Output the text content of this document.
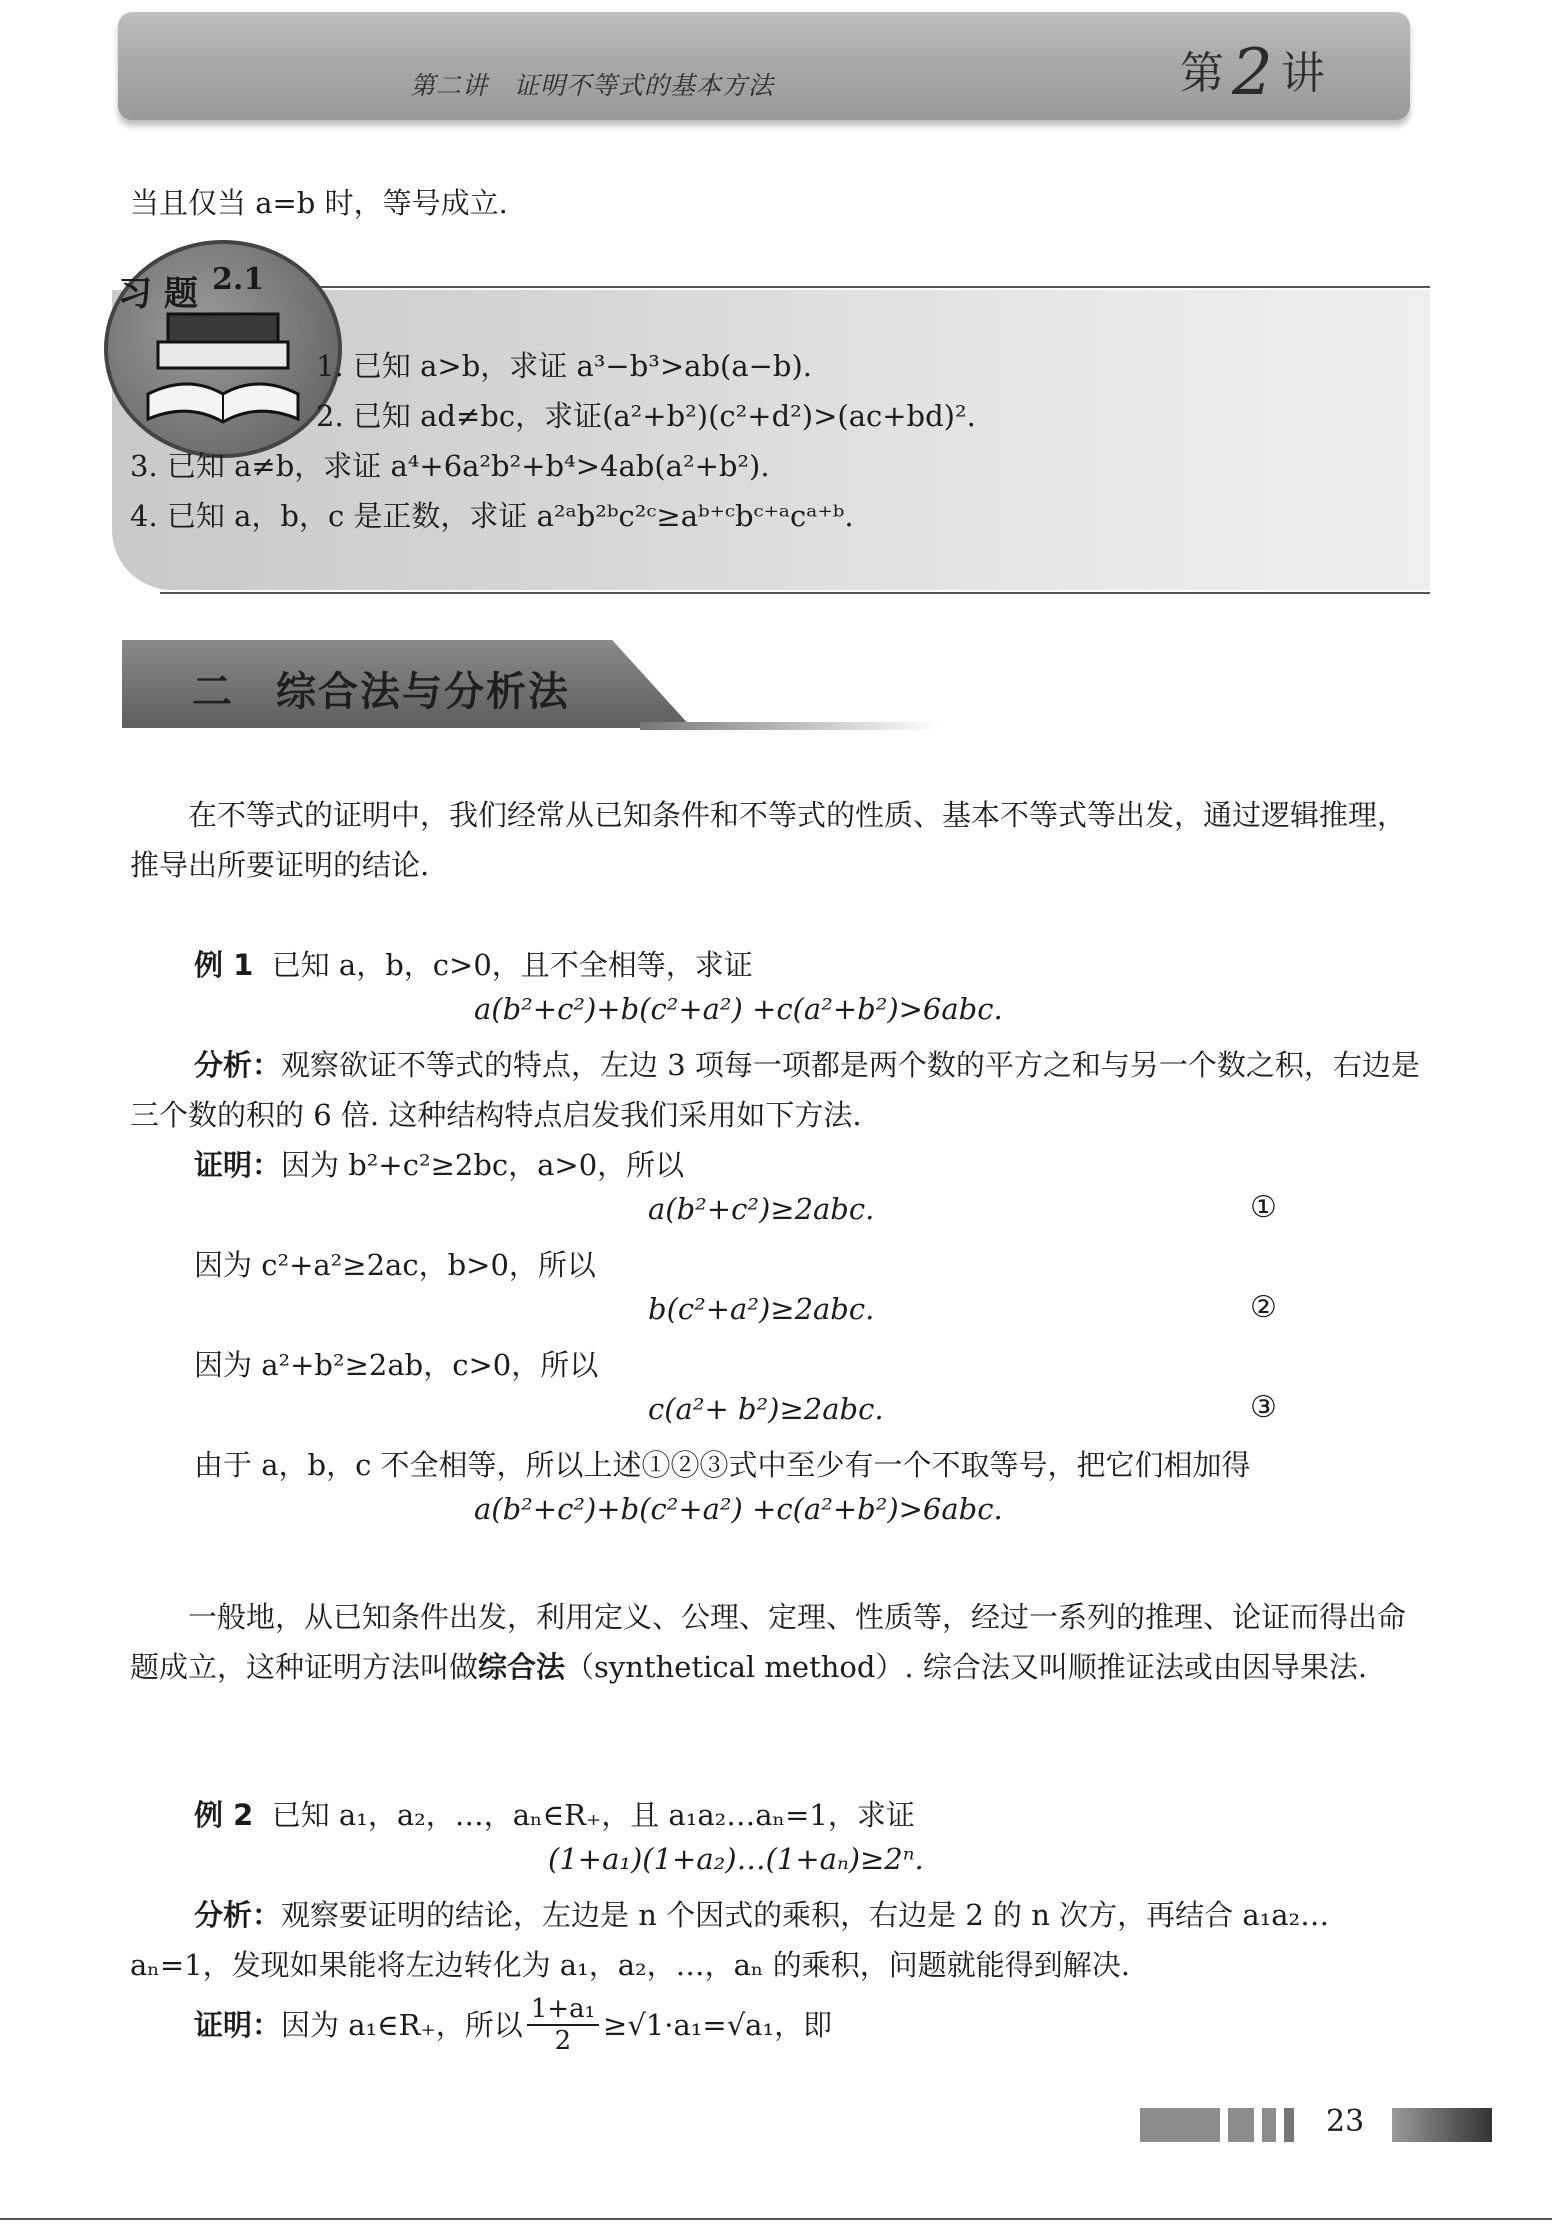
第二讲　证明不等式的基本方法	第2讲
当且仅当 a=b 时，等号成立.
习 题 2.1
1. 已知 a>b，求证 a³−b³>ab(a−b).
2. 已知 ad≠bc，求证(a²+b²)(c²+d²)>(ac+bd)².
3. 已知 a≠b，求证 a⁴+6a²b²+b⁴>4ab(a²+b²).
4. 已知 a，b，c 是正数，求证 a²ᵃb²ᵇc²ᶜ≥aᵇ⁺ᶜbᶜ⁺ᵃcᵃ⁺ᵇ.
二　综合法与分析法
在不等式的证明中，我们经常从已知条件和不等式的性质、基本不等式等出发，通过逻辑推理，推导出所要证明的结论.
例 1 已知 a，b，c>0，且不全相等，求证
a(b²+c²)+b(c²+a²) +c(a²+b²)>6abc.
分析：观察欲证不等式的特点，左边 3 项每一项都是两个数的平方之和与另一个数之积，右边是三个数的积的 6 倍. 这种结构特点启发我们采用如下方法.
证明：因为 b²+c²≥2bc，a>0，所以
a(b²+c²)≥2abc.	①
因为 c²+a²≥2ac，b>0，所以
b(c²+a²)≥2abc.	②
因为 a²+b²≥2ab，c>0，所以
c(a²+ b²)≥2abc.	③
由于 a，b，c 不全相等，所以上述①②③式中至少有一个不取等号，把它们相加得
a(b²+c²)+b(c²+a²) +c(a²+b²)>6abc.
一般地，从已知条件出发，利用定义、公理、定理、性质等，经过一系列的推理、论证而得出命题成立，这种证明方法叫做综合法（synthetical method）. 综合法又叫顺推证法或由因导果法.
例 2 已知 a₁，a₂，…，aₙ∈R₊，且 a₁a₂…aₙ=1，求证
(1+a₁)(1+a₂)…(1+aₙ)≥2ⁿ.
分析：观察要证明的结论，左边是 n 个因式的乘积，右边是 2 的 n 次方，再结合 a₁a₂…aₙ=1，发现如果能将左边转化为 a₁，a₂，…，aₙ 的乘积，问题就能得到解决.
证明： 因为 a₁∈R₊，所以 $\frac{\text{1+a₁}}{2} \ge√1\cdot a_1=√a_1$，即
23
